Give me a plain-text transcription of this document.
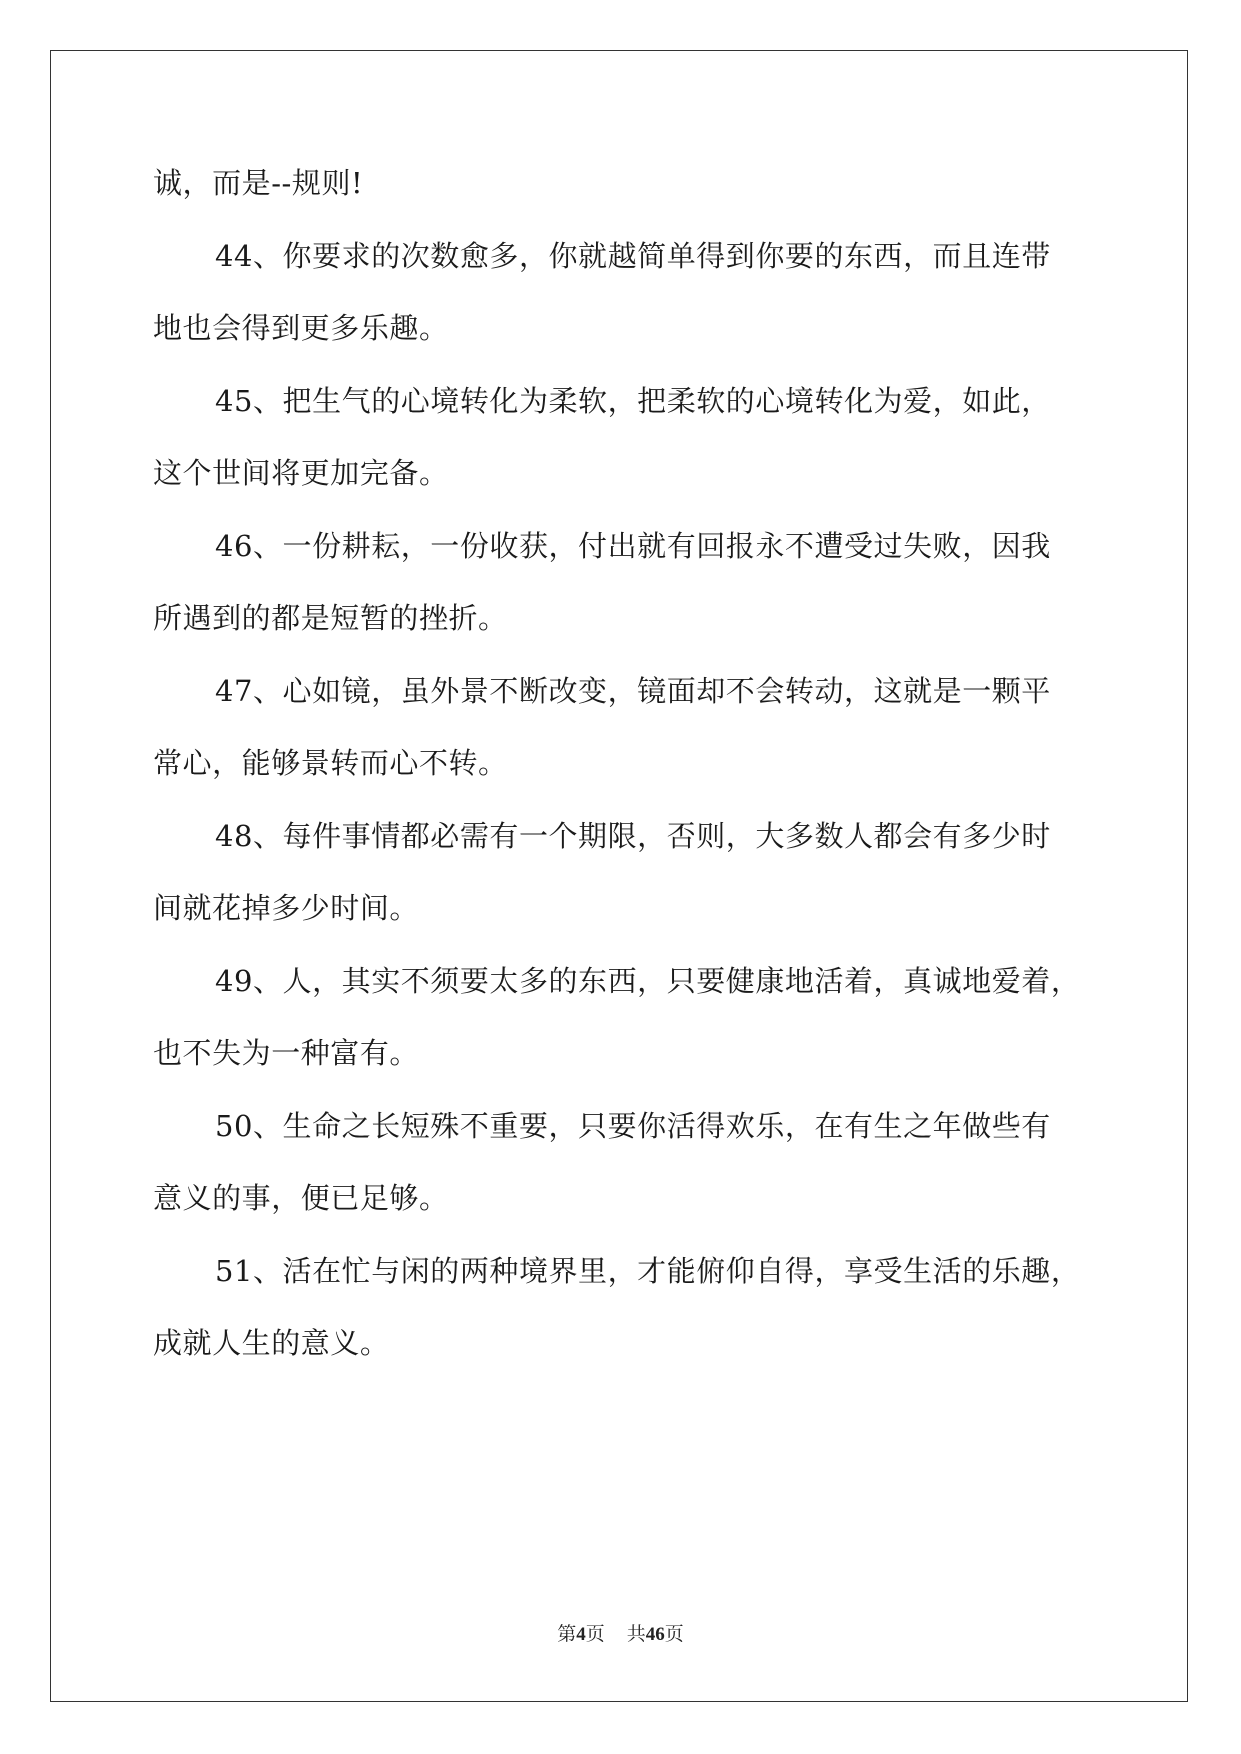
诚，而是--规则!
44、你要求的次数愈多，你就越简单得到你要的东西，而且连带
地也会得到更多乐趣。
45、把生气的心境转化为柔软，把柔软的心境转化为爱，如此，
这个世间将更加完备。
46、一份耕耘，一份收获，付出就有回报永不遭受过失败，因我
所遇到的都是短暂的挫折。
47、心如镜，虽外景不断改变，镜面却不会转动，这就是一颗平
常心，能够景转而心不转。
48、每件事情都必需有一个期限，否则，大多数人都会有多少时
间就花掉多少时间。
49、人，其实不须要太多的东西，只要健康地活着，真诚地爱着，
也不失为一种富有。
50、生命之长短殊不重要，只要你活得欢乐，在有生之年做些有
意义的事，便已足够。
51、活在忙与闲的两种境界里，才能俯仰自得，享受生活的乐趣，
成就人生的意义。
第4页 共46页
